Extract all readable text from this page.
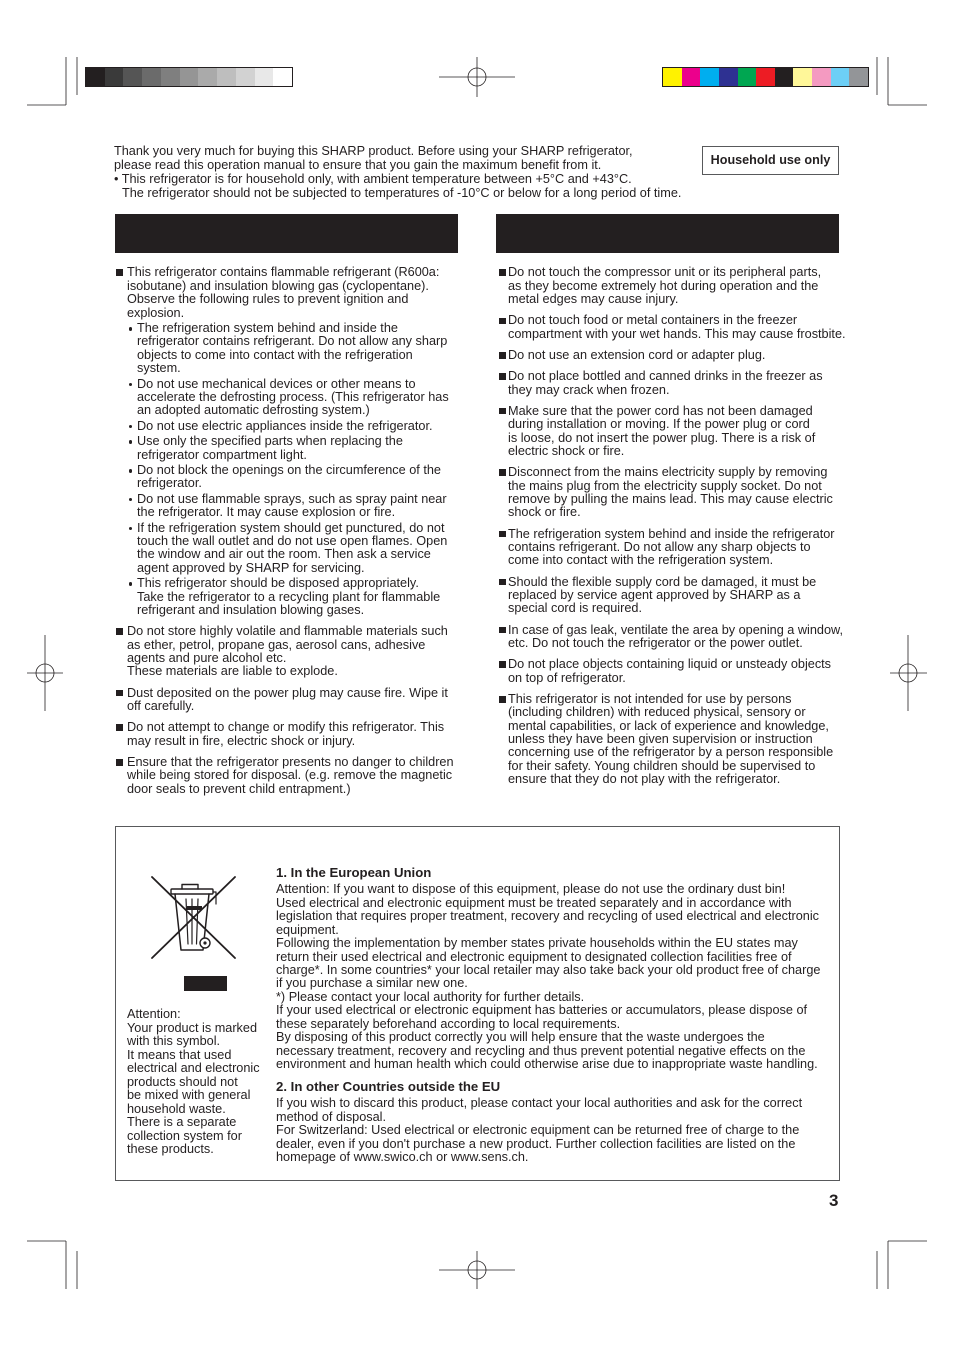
Thank you very much for buying this SHARP product. Before using your SHARP refrigerator,
please read this operation manual to ensure that you gain the maximum benefit from it.
• This refrigerator is for household only, with ambient temperature between +5°C and +43°C.
The refrigerator should not be subjected to temperatures of -10°C or below for a long period of time.
Household use only
This refrigerator contains flammable refrigerant (R600a:
isobutane) and insulation blowing gas (cyclopentane).
Observe the following rules to prevent ignition and
explosion.
The refrigeration system behind and inside the
refrigerator contains refrigerant. Do not allow any sharp
objects to come into contact with the refrigeration
system.
Do not use mechanical devices or other means to
accelerate the defrosting process. (This refrigerator has
an adopted automatic defrosting system.)
Do not use electric appliances inside the refrigerator.
Use only the specified parts when replacing the
refrigerator compartment light.
Do not block the openings on the circumference of the
refrigerator.
Do not use flammable sprays, such as spray paint near
the refrigerator. It may cause explosion or fire.
If the refrigeration system should get punctured, do not
touch the wall outlet and do not use open flames. Open
the window and air out the room. Then ask a service
agent approved by SHARP for servicing.
This refrigerator should be disposed appropriately.
Take the refrigerator to a recycling plant for flammable
refrigerant and insulation blowing gases.
Do not store highly volatile and flammable materials such
as ether, petrol, propane gas, aerosol cans, adhesive
agents and pure alcohol etc.
These materials are liable to explode.
Dust deposited on the power plug may cause fire. Wipe it
off carefully.
Do not attempt to change or modify this refrigerator. This
may result in fire, electric shock or injury.
Ensure that the refrigerator presents no danger to children
while being stored for disposal. (e.g. remove the magnetic
door seals to prevent child entrapment.)
Do not touch the compressor unit or its peripheral parts,
as they become extremely hot during operation and the
metal edges may cause injury.
Do not touch food or metal containers in the freezer
compartment with your wet hands. This may cause frostbite.
Do not use an extension cord or adapter plug.
Do not place bottled and canned drinks in the freezer as
they may crack when frozen.
Make sure that the power cord has not been damaged
during installation or moving. If the power plug or cord
is loose, do not insert the power plug. There is a risk of
electric shock or fire.
Disconnect from the mains electricity supply by removing
the mains plug from the electricity supply socket. Do not
remove by pulling the mains lead. This may cause electric
shock or fire.
The refrigeration system behind and inside the refrigerator
contains refrigerant. Do not allow any sharp objects to
come into contact with the refrigeration system.
Should the flexible supply cord be damaged, it must be
replaced by service agent approved by SHARP as a
special cord is required.
In case of gas leak, ventilate the area by opening a window,
etc. Do not touch the refrigerator or the power outlet.
Do not place objects containing liquid or unsteady objects
on top of refrigerator.
This refrigerator is not intended for use by persons
(including children) with reduced physical, sensory or
mental capabilities, or lack of experience and knowledge,
unless they have been given supervision or instruction
concerning use of the refrigerator by a person responsible
for their safety. Young children should be supervised to
ensure that they do not play with the refrigerator.
Attention:
Your product is marked
with this symbol.
It means that used
electrical and electronic
products should not
be mixed with general
household waste.
There is a separate
collection system for
these products.
1. In the European Union
Attention: If you want to dispose of this equipment, please do not use the ordinary dust bin!
Used electrical and electronic equipment must be treated separately and in accordance with
legislation that requires proper treatment, recovery and recycling of used electrical and electronic
equipment.
Following the implementation by member states private households within the EU states may
return their used electrical and electronic equipment to designated collection facilities free of
charge*. In some countries* your local retailer may also take back your old product free of charge
if you purchase a similar new one.
*) Please contact your local authority for further details.
If your used electrical or electronic equipment has batteries or accumulators, please dispose of
these separately beforehand according to local requirements.
By disposing of this product correctly you will help ensure that the waste undergoes the
necessary treatment, recovery and recycling and thus prevent potential negative effects on the
environment and human health which could otherwise arise due to inappropriate waste handling.
2. In other Countries outside the EU
If you wish to discard this product, please contact your local authorities and ask for the correct
method of disposal.
For Switzerland: Used electrical or electronic equipment can be returned free of charge to the
dealer, even if you don't purchase a new product. Further collection facilities are listed on the
homepage of www.swico.ch or www.sens.ch.
3
